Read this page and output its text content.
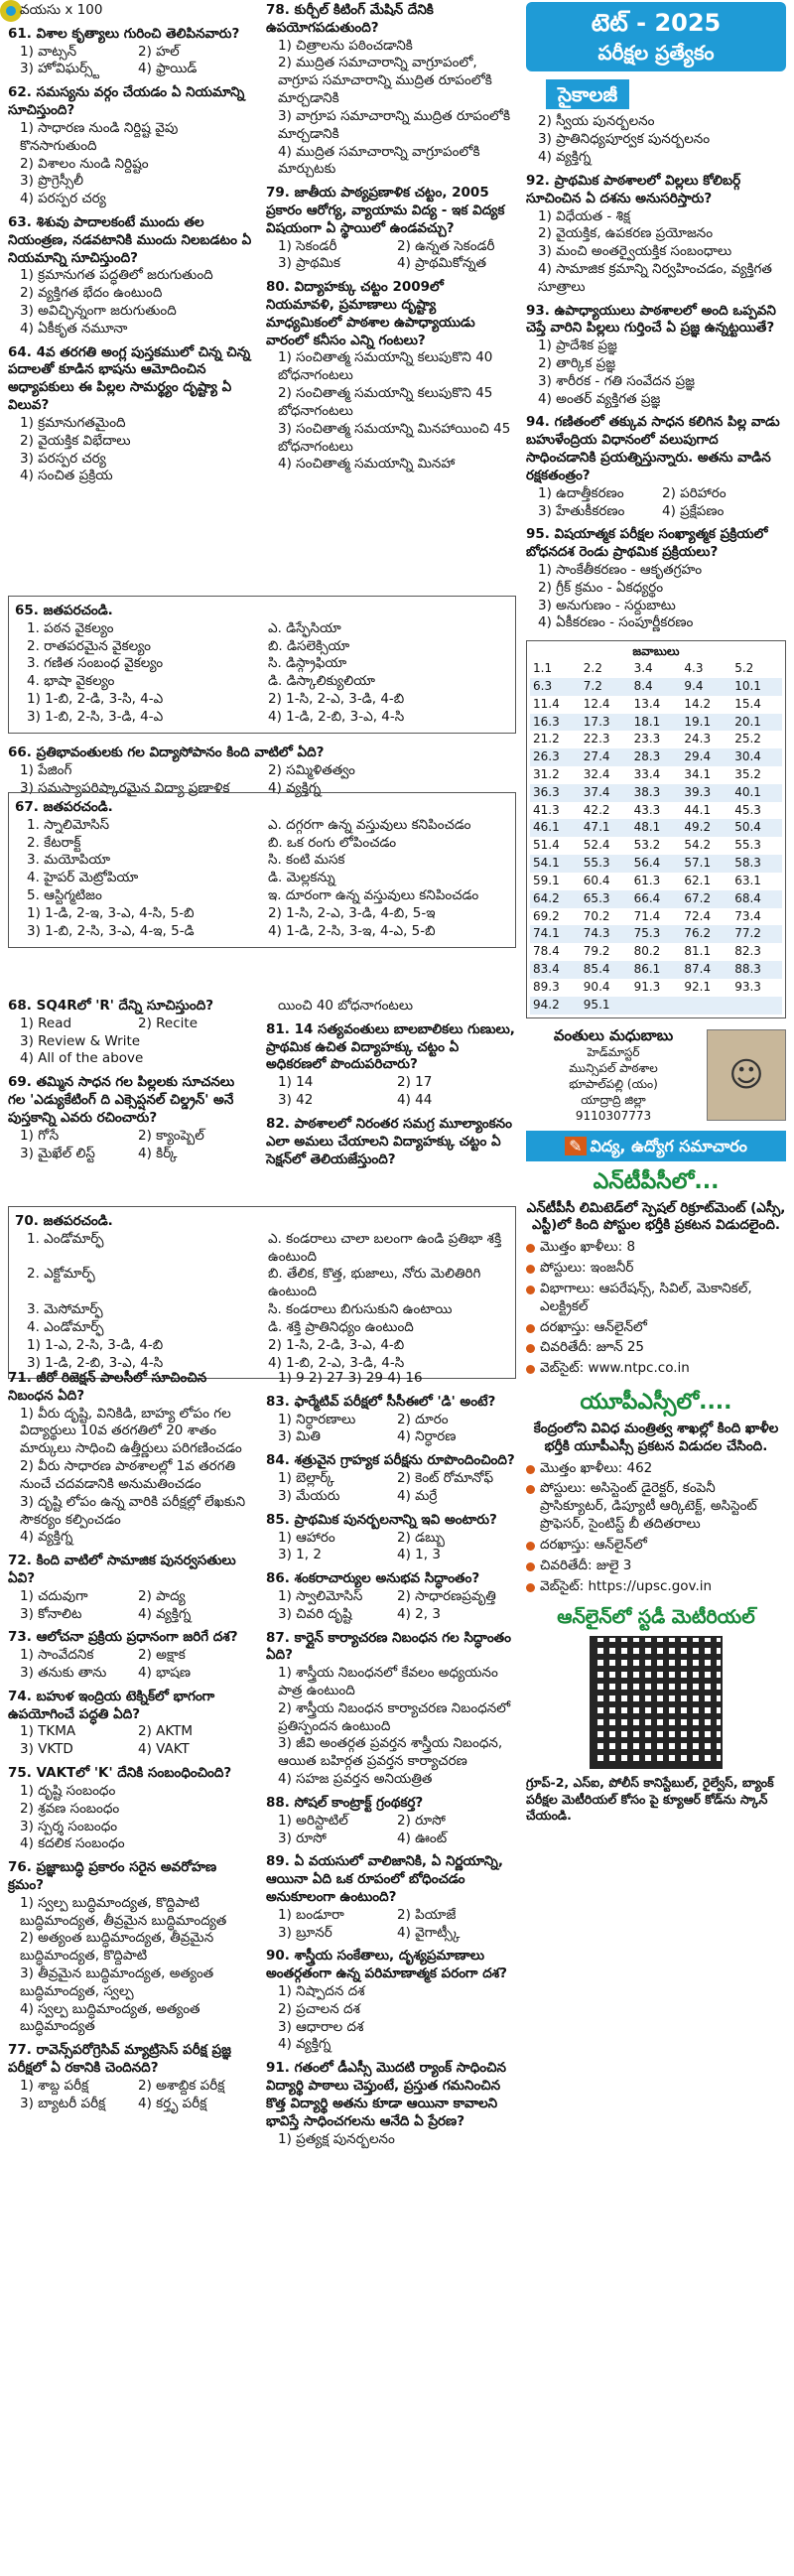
వయసు x 100
61. విశాల కృత్యాలు గురించి తెలిపినవారు?
1) వాట్సన్	2) హల్
3) హోవిఘర్స్ట్	4) ఫ్రాయిడ్
62. సమస్యను వర్గం చేయడం ఏ నియమాన్ని సూచిస్తుంది?
1) సాధారణ నుండి నిర్దిష్ట వైపు కొనసాగుతుంది
2) విశాలం నుండి నిర్దిష్టం
3) ప్రొగ్రెస్సీలీ
4) పరస్పర చర్య
63. శిశువు పాదాలకంటే ముందు తల నియంత్రణ, నడవటానికి ముందు నిలబడటం ఏ నియమాన్ని సూచిస్తుంది?
1) క్రమానుగత పద్ధతిలో జరుగుతుంది
2) వ్యక్తిగత భేదం ఉంటుంది
3) అవిచ్ఛిన్నంగా జరుగుతుంది
4) ఏకీకృత నమూనా
64. 4వ తరగతి అంగ్ల పుస్తకములో చిన్న చిన్న పదాలతో కూడిన భాషను ఆమోదించిన అధ్యాపకులు ఈ పిల్లల సామర్థ్యం దృష్ట్యా ఏ విలువ?
1) క్రమానుగతమైంది
2) వైయక్తిక విభేదాలు
3) పరస్పర చర్య
4) సంచిత ప్రక్రియ
78. కుర్చీల్ కిటింగ్ మేషిన్ దేనికి ఉపయోగపడుతుంది?
1) చిత్రాలను పఠించడానికి
2) ముద్రిత సమాచారాన్ని వాగ్రూపంలో, వాగ్రూప సమాచారాన్ని ముద్రిత రూపంలోకి మార్చడానికి
3) వాగ్రూప సమాచారాన్ని ముద్రిత రూపంలోకి మార్చడానికి
4) ముద్రిత సమాచారాన్ని వాగ్రూపంలోకి మార్చుటకు
79. జాతీయ పాఠ్యప్రణాళిక చట్టం, 2005 ప్రకారం ఆరోగ్య, వ్యాయామ విద్య - ఇక విద్యక విషయంగా ఏ స్థాయిలో ఉండవచ్చు?
1) సెకండరీ	2) ఉన్నత సెకండరీ
3) ప్రాథమిక	4) ప్రాథమికోన్నత
80. విద్యాహక్కు చట్టం 2009లో నియమావళి, ప్రమాణాలు దృష్ట్యా మాధ్యమికంలో పాఠశాల ఉపాధ్యాయుడు వారంలో కనీసం ఎన్ని గంటలు?
1) సంచితాత్మ సమయాన్ని కలుపుకొని 40 బోధనాగంటలు
2) సంచితాత్మ సమయాన్ని కలుపుకొని 45 బోధనాగంటలు
3) సంచితాత్మ సమయాన్ని మినహాయించి 45 బోధనాగంటలు
4) సంచితాత్మ సమయాన్ని మినహా
65. జతపరచండి.
1. పఠన వైకల్యం	ఎ. డిస్ఫేసియా
2. రాతపరమైన వైకల్యం	బి. డిసలెక్సియా
3. గణిత సంబంధ వైకల్యం	సి. డిస్గ్రాఫియా
4. భాషా వైకల్యం	డి. డిస్కాలిక్యులియా
1) 1-బి, 2-డి, 3-సి, 4-ఎ	2) 1-సి, 2-ఎ, 3-డి, 4-బి
3) 1-బి, 2-సి, 3-డి, 4-ఎ	4) 1-డి, 2-బి, 3-ఎ, 4-సి
66. ప్రతిభావంతులకు గల విద్యాసోపానం కింది వాటిలో ఏది?
1) పేజింగ్	2) సమ్మిళితత్వం
3) సమస్యాపరిష్కారమైన విద్యా ప్రణాళిక	4) వ్యక్తిగ్న
67. జతపరచండి.
1. స్నాలిమోసిస్	ఎ. దగ్గరగా ఉన్న వస్తువులు కనిపించడం
2. కేటరాక్ట్	బి. ఒక రంగు లోపించడం
3. మయోపియా	సి. కంటి మసక
4. హైపర్ మెట్రోపియా	డి. మెల్లకన్ను
5. ఆస్టిగ్మటిజం	ఇ. దూరంగా ఉన్న వస్తువులు కనిపించడం
1) 1-డి, 2-ఇ, 3-ఎ, 4-సి, 5-బి	2) 1-సి, 2-ఎ, 3-డి, 4-బి, 5-ఇ
3) 1-బి, 2-సి, 3-ఎ, 4-ఇ, 5-డి	4) 1-డి, 2-సి, 3-ఇ, 4-ఎ, 5-బి
68. SQ4Rలో 'R' దేన్ని సూచిస్తుంది?
1) Read	2) Recite
3) Review & Write
4) All of the above
69. తమ్మిన సాధన గల పిల్లలకు సూచనలు గల 'ఎడ్యుకేటింగ్ ది ఎక్సెప్షనల్ చిల్డ్రన్' అనే పుస్తకాన్ని ఎవరు రచించారు?
1) గోసే	2) క్యాంప్బెల్
3) మైఖేల్ లిస్ట్	4) కిర్క్
యించి 40 బోధనాగంటలు
81. 14 సత్యవంతులు బాలబాలికలు గుణులు, ప్రాథమిక ఉచిత విద్యాహక్కు చట్టం ఏ అధికరణలో పొందుపరిచారు?
1) 14	2) 17
3) 42	4) 44
82. పాఠశాలలో నిరంతర సమగ్ర మూల్యాంకనం ఎలా అమలు చేయాలని విద్యాహక్కు చట్టం ఏ సెక్షన్‌లో తెలియజేస్తుంది?
70. జతపరచండి.
1. ఎండోమార్ఫ్	ఎ. కండరాలు చాలా బలంగా ఉండి ప్రతిభా శక్తి ఉంటుంది
2. ఎక్టోమార్ఫ్	బి. తేలిక, కొత్త, భుజాలు, నోరు మెలితిరిగి ఉంటుంది
3. మెసోమార్ఫ్	సి. కండరాలు బిగుసుకుని ఉంటాయి
4. ఎండోమార్ఫ్	డి. శక్తి ప్రాతినిధ్యం ఉంటుంది
1) 1-ఎ, 2-సి, 3-డి, 4-బి	2) 1-సి, 2-డి, 3-ఎ, 4-బి
3) 1-డి, 2-బి, 3-ఎ, 4-సి	4) 1-బి, 2-ఎ, 3-డి, 4-సి
71. జీరో రిజెక్షన్ పాలసీలో సూచించిన నిబంధన ఏది?
1) వీరు దృష్టి, వినికిడి, బాహ్య లోపం గల విద్యార్థులు 10వ తరగతిలో 20 శాతం మార్కులు సాధించి ఉత్తీర్ణులు పరిగణించడం
2) వీరు సాధారణ పాఠశాలల్లో 1వ తరగతి నుంచే చదవడానికి అనుమతించడం
3) దృష్టి లోపం ఉన్న వారికి పరీక్షల్లో లేఖకుని సౌకర్యం కల్పించడం
4) వ్యక్తిగ్న
72. కింది వాటిలో సామాజిక పునర్వసతులు ఏవి?
1) చదువుగా	2) పాద్య
3) కోనాలిట	4) వ్యక్తిగ్న
73. ఆలోచనా ప్రక్రియ ప్రధానంగా జరిగే దశ?
1) సాంవేదనిక	2) అక్షాక
3) తనుకు తాను	4) భాషణ
74. బహుళ ఇంద్రియ టెక్నిక్‌లో భాగంగా ఉపయోగించే పద్ధతి ఏది?
1) TKMA	2) AKTM
3) VKTD	4) VAKT
75. VAKTలో 'K' దేనికి సంబంధించింది?
1) దృష్టి సంబంధం
2) శ్రవణ సంబంధం
3) స్పర్శ సంబంధం
4) కదలిక సంబంధం
76. ప్రజ్ఞాబుద్ధి ప్రకారం సరైన అవరోహణ క్రమం?
1) స్వల్ప బుద్ధిమాంద్యత, కొద్దిపాటి బుద్ధిమాంద్యత, తీవ్రమైన బుద్ధిమాంద్యత
2) అత్యంత బుద్ధిమాంద్యత, తీవ్రమైన బుద్ధిమాంద్యత, కొద్దిపాటి
3) తీవ్రమైన బుద్ధిమాంద్యత, అత్యంత బుద్ధిమాంద్యత, స్వల్ప
4) స్వల్ప బుద్ధిమాంద్యత, అత్యంత బుద్ధిమాంద్యత
77. రావెన్స్‌పరోగ్రెసివ్ మ్యాట్రిసెస్ పరీక్ష ప్రజ్ఞ పరీక్షలో ఏ రకానికి చెందినది?
1) శాబ్ద పరీక్ష	2) అశాబ్దిక పరీక్ష
3) బ్యాటరీ పరీక్ష	4) కర్తృ పరీక్ష
1) 9 2) 27 3) 29 4) 16
83. ఫార్మేటివ్ పరీక్షలో సీసీఈలో 'డి' అంటే?
1) నిర్ధారణాలు	2) దూరం
3) మితి	4) నిర్ధారణ
84. శత్రువైన గ్రాహ్యక పరీక్షను రూపొందించింది?
1) బెల్లార్క్	2) కెంట్ రోమానోఫ్
3) మేయరు	4) మర్రే
85. ప్రాథమిక పునర్బలనాన్ని ఇవి అంటారు?
1) ఆహారం	2) డబ్బు
3) 1, 2	4) 1, 3
86. శంకరాచార్యుల అనుభవ సిద్ధాంతం?
1) స్వాలిమోసిస్	2) సాధారణప్రవృత్తి
3) చివరి దృష్టి	4) 2, 3
87. కార్లైన్ కార్యాచరణ నిబంధన గల సిద్ధాంతం ఏది?
1) శాస్త్రీయ నిబంధనలో కేవలం అధ్యయనం పాత్ర ఉంటుంది
2) శాస్త్రీయ నిబంధన కార్యాచరణ నిబంధనలో ప్రతిస్పందన ఉంటుంది
3) జీవి అంతర్గత ప్రవర్తన శాస్త్రీయ నిబంధన, ఆయిత బహిర్గత ప్రవర్తన కార్యాచరణ
4) సహజ ప్రవర్తన అనియత్రిత
88. సోషల్ కాంట్రాక్ట్ గ్రంథకర్త?
1) అరిస్టాటిల్	2) రూసో
3) రూసో	4) ఊంట్
89. ఏ వయసులో వాలిజానికి, ఏ నిర్ణయాన్ని, ఆయినా ఏది ఒక రూపంలో బోధించడం అనుకూలంగా ఉంటుంది?
1) బండూరా	2) పియాజే
3) బ్రూనర్	4) వైగాట్స్కీ
90. శాస్త్రీయ సంకేతాలు, దృశ్యప్రమాణాలు అంతర్గతంగా ఉన్న పరిమాణాత్మక పరంగా దశ?
1) నిష్పాదన దశ
2) ప్రచాలన దశ
3) ఆధారాల దశ
4) వ్యక్తిగ్న
91. గతంలో డీఎస్సీ మొదటి ర్యాంక్ సాధించిన విద్యార్థి పాఠాలు చెప్తుంటే, ప్రస్తుత గమనించిన కొత్త విద్యార్థి అతను కూడా ఆయినా కావాలని భావిస్తే సాధించగలను ఆనేది ఏ ప్రేరణ?
1) ప్రత్యక్ష పునర్బలనం
టెట్ - 2025
పరీక్షల ప్రత్యేకం
సైకాలజీ
2) స్వీయ పునర్బలనం
3) ప్రాతినిధ్యపూర్వక పునర్బలనం
4) వ్యక్తిగ్న
92. ప్రాథమిక పాఠశాలలో విల్లలు కోలిబర్గ్ సూచించిన ఏ దశను అనుసరిస్తారు?
1) విధేయత - శిక్ష
2) వైయక్తిక, ఉపకరణ ప్రయోజనం
3) మంచి అంతర్వైయక్తిక సంబంధాలు
4) సామాజిక క్రమాన్ని నిర్వహించడం, వ్యక్తిగత సూత్రాలు
93. ఉపాధ్యాయులు పాఠశాలలో అంది ఒప్పవని చెప్తే వారిని పిల్లలు గుర్తించే ఏ ప్రజ్ఞ ఉన్నట్టయితే?
1) ప్రాదేశిక ప్రజ్ఞ
2) తార్కిక ప్రజ్ఞ
3) శారీరక - గతి సంవేదన ప్రజ్ఞ
4) అంతర్ వ్యక్తిగత ప్రజ్ఞ
94. గణితంలో తక్కువ సాధన కలిగిన పిల్ల వాడు బహుళేంద్రియ విధానంలో వలుపుగాద సాధించడానికి ప్రయత్నిస్తున్నారు. అతను వాడిన రక్షకతంత్రం?
1) ఉదాత్తీకరణం	2) పరిహారం
3) హేతుకీకరణం	4) ప్రక్షేపణం
95. విషయాత్మక పరీక్షల సంఖ్యాత్మక ప్రక్రియలో బోధనదశ రెండు ప్రాథమిక ప్రక్రియలు?
1) సాంకేతీకరణం - ఆకృతగ్రహం
2) గ్రీక్ క్రమం - ఏకధ్యర్థం
3) అనుగుణం - సర్దుబాటు
4) ఏకీకరణం - సంపూర్ణీకరణం
జవాబులు
1.1	2.2	3.4	4.3	5.2
6.3	7.2	8.4	9.4	10.1
11.4	12.4	13.4	14.2	15.4
16.3	17.3	18.1	19.1	20.1
21.2	22.3	23.3	24.3	25.2
26.3	27.4	28.3	29.4	30.4
31.2	32.4	33.4	34.1	35.2
36.3	37.4	38.3	39.3	40.1
41.3	42.2	43.3	44.1	45.3
46.1	47.1	48.1	49.2	50.4
51.4	52.4	53.2	54.2	55.3
54.1	55.3	56.4	57.1	58.3
59.1	60.4	61.3	62.1	63.1
64.2	65.3	66.4	67.2	68.4
69.2	70.2	71.4	72.4	73.4
74.1	74.3	75.3	76.2	77.2
78.4	79.2	80.2	81.1	82.3
83.4	85.4	86.1	87.4	88.3
89.3	90.4	91.3	92.1	93.3
94.2	95.1			
వంతులు మధుబాబు
హెడ్‌మాస్టర్
మున్సిపల్ పాఠశాల
భూపాల్‌పల్లి (యం)
యాద్రాద్రి జిల్లా
9110307773
☺
✎ విద్య, ఉద్యోగ సమాచారం
ఎన్‌టీపీసీలో...
ఎన్‌టీపీసీ లిమిటెడ్‌లో స్పెషల్ రిక్రూట్‌మెంట్ (ఎస్సీ, ఎస్టీ)లో కింది పోస్టుల భర్తీకి ప్రకటన విడుదలైంది.
మొత్తం ఖాళీలు: 8
పోస్టులు: ఇంజనీర్
విభాగాలు: ఆపరేషన్స్, సివిల్, మెకానికల్, ఎలక్ట్రికల్
దరఖాస్తు: ఆన్‌లైన్‌లో
చివరితేదీ: జూన్ 25
వెబ్‌సైట్: www.ntpc.co.in
యూపీఎస్సీలో....
కేంద్రంలోని వివిధ మంత్రిత్వ శాఖల్లో కింది ఖాళీల భర్తీకి యూపీఎస్సీ ప్రకటన విడుదల చేసింది.
మొత్తం ఖాళీలు: 462
పోస్టులు: అసిస్టెంట్ డైరెక్టర్, కంపెనీ ప్రాసిక్యూటర్, డిప్యూటీ ఆర్కిటెక్ట్, అసిస్టెంట్ ప్రొఫెసర్, సైంటిస్ట్ బీ తదితరాలు
దరఖాస్తు: ఆన్‌లైన్‌లో
చివరితేదీ: జులై 3
వెబ్‌సైట్: https://upsc.gov.in
ఆన్‌లైన్‌లో స్టడీ మెటీరియల్
గ్రూప్-2, ఎస్‌ఐ, పోలీస్ కానిస్టేబుల్, రైల్వేస్, బ్యాంక్ పరీక్షల మెటీరియల్ కోసం పై క్యూఆర్ కోడ్‌ను స్కాన్ చేయండి.
